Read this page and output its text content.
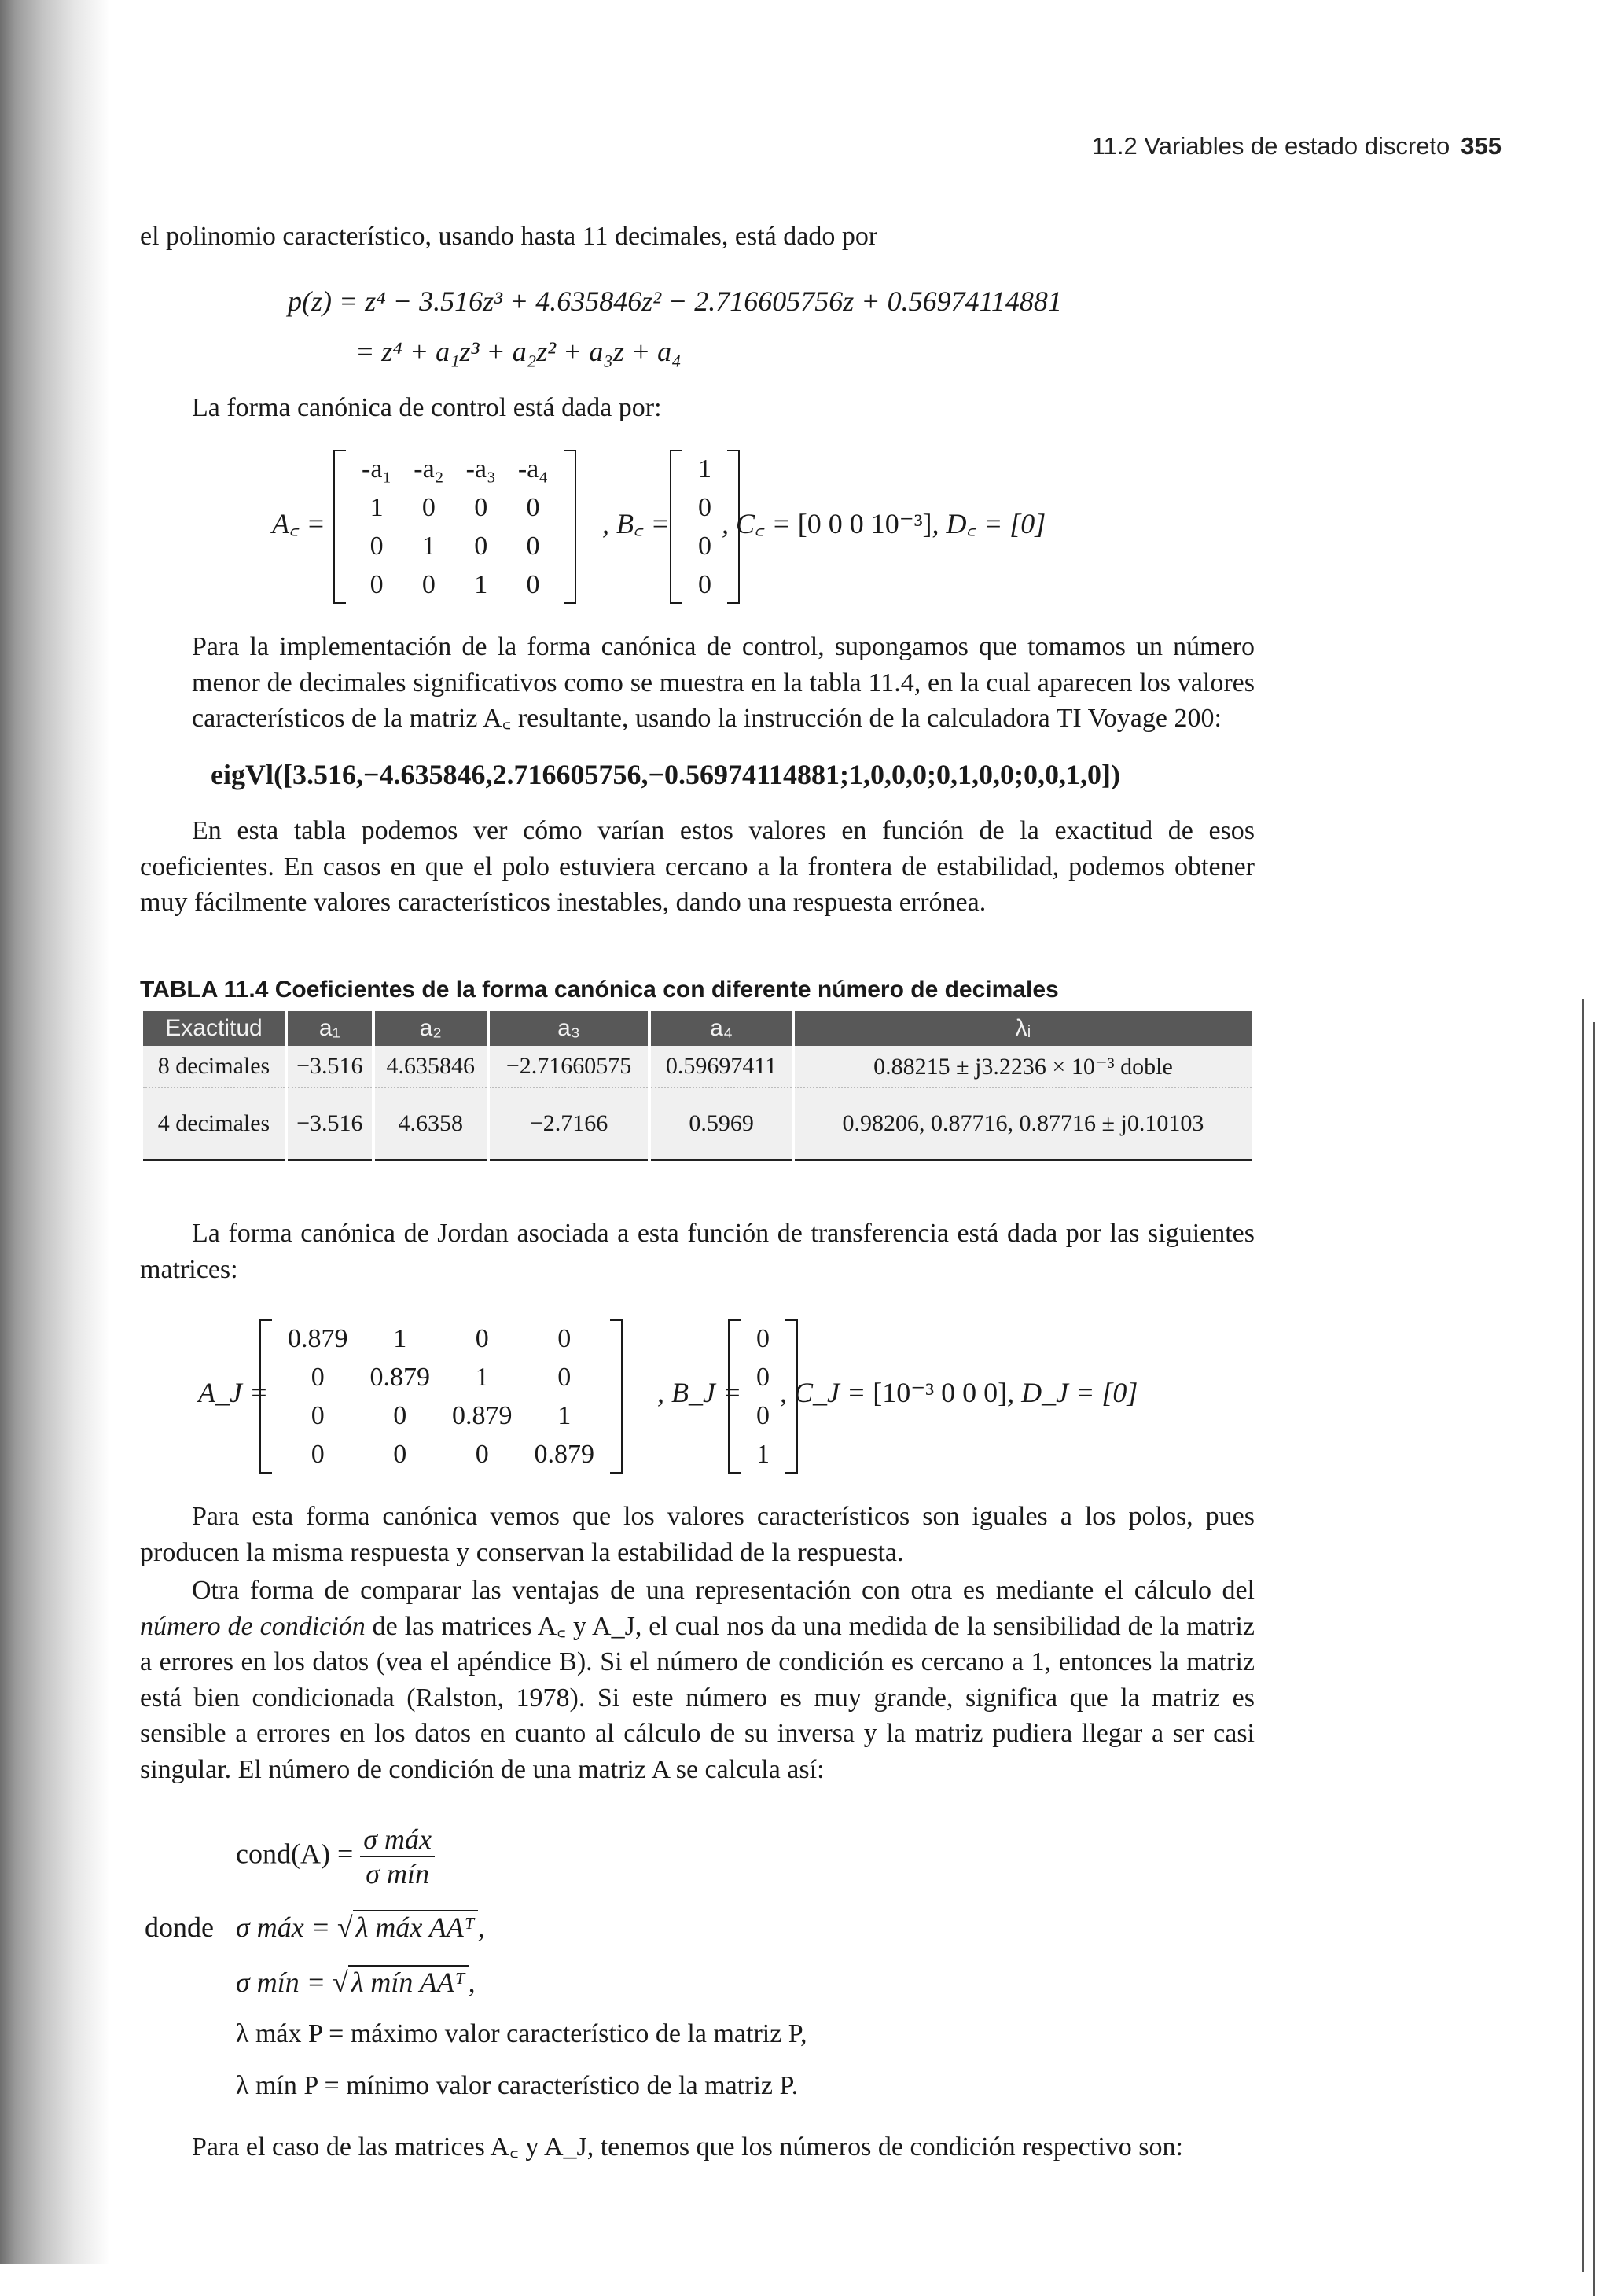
11.2 Variables de estado discreto 355
el polinomio característico, usando hasta 11 decimales, está dado por
p(z) = z⁴ − 3.516z³ + 4.635846z² − 2.716605756z + 0.56974114881
= z⁴ + a₁z³ + a₂z² + a₃z + a₄
La forma canónica de control está dada por:
A꜀ =
-a₁	-a₂	-a₃	-a₄
1	0	0	0
0	1	0	0
0	0	1	0
, B꜀ =
1
0
0
0
, C꜀ = [0 0 0 10⁻³], D꜀ = [0]
Para la implementación de la forma canónica de control, supongamos que tomamos un número menor de decimales significativos como se muestra en la tabla 11.4, en la cual aparecen los valores característicos de la matriz A꜀ resultante, usando la instrucción de la calculadora TI Voyage 200:
eigVl([3.516,−4.635846,2.716605756,−0.56974114881;1,0,0,0;0,1,0,0;0,0,1,0])
En esta tabla podemos ver cómo varían estos valores en función de la exactitud de esos coeficientes. En casos en que el polo estuviera cercano a la frontera de estabilidad, podemos obtener muy fácilmente valores característicos inestables, dando una respuesta errónea.
TABLA 11.4 Coeficientes de la forma canónica con diferente número de decimales
Exactitud	a₁	a₂	a₃	a₄	λᵢ
8 decimales	−3.516	4.635846	−2.71660575	0.59697411	0.88215 ± j3.2236 × 10⁻³ doble
4 decimales	−3.516	4.6358	−2.7166	0.5969	0.98206, 0.87716, 0.87716 ± j0.10103
La forma canónica de Jordan asociada a esta función de transferencia está dada por las siguientes matrices:
A_J =
0.879	1	0	0
0	0.879	1	0
0	0	0.879	1
0	0	0	0.879
, B_J =
0
0
0
1
, C_J = [10⁻³ 0 0 0], D_J = [0]
Para esta forma canónica vemos que los valores característicos son iguales a los polos, pues producen la misma respuesta y conservan la estabilidad de la respuesta.
Otra forma de comparar las ventajas de una representación con otra es mediante el cálculo del número de condición de las matrices A꜀ y A_J, el cual nos da una medida de la sensibilidad de la matriz a errores en los datos (vea el apéndice B). Si el número de condición es cercano a 1, entonces la matriz está bien condicionada (Ralston, 1978). Si este número es muy grande, significa que la matriz es sensible a errores en los datos en cuanto al cálculo de su inversa y la matriz pudiera llegar a ser casi singular. El número de condición de una matriz A se calcula así:
cond(A) = $\frac{\text{σ máx}}{\text{σ mín}}$
donde σ máx = √ λ máx AAᵀ ,
σ mín = √ λ mín AAᵀ ,
λ máx P = máximo valor característico de la matriz P,
λ mín P = mínimo valor característico de la matriz P.
Para el caso de las matrices A꜀ y A_J, tenemos que los números de condición respectivo son:
